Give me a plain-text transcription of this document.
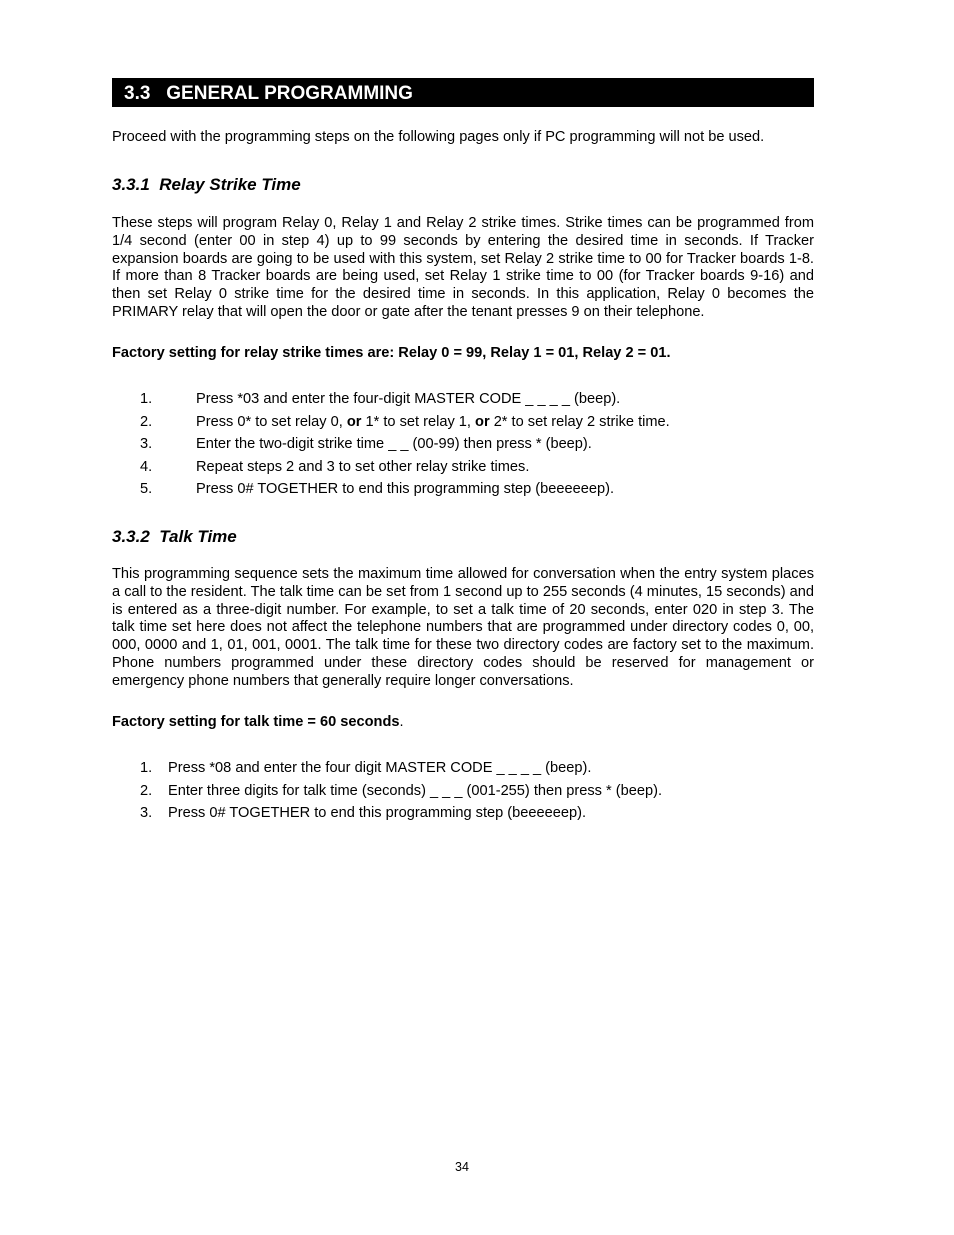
3.3 GENERAL PROGRAMMING

Proceed with the programming steps on the following pages only if PC programming will not be used.

3.3.1 Relay Strike Time

These steps will program Relay 0, Relay 1 and Relay 2 strike times. Strike times can be programmed from 1/4 second (enter 00 in step 4) up to 99 seconds by entering the desired time in seconds. If Tracker expansion boards are going to be used with this system, set Relay 2 strike time to 00 for Tracker boards 1-8. If more than 8 Tracker boards are being used, set Relay 1 strike time to 00 (for Tracker boards 9-16) and then set Relay 0 strike time for the desired time in seconds. In this application, Relay 0 becomes the PRIMARY relay that will open the door or gate after the tenant presses 9 on their telephone.

Factory setting for relay strike times are: Relay 0 = 99, Relay 1 = 01, Relay 2 = 01.

1.	Press *03 and enter the four-digit MASTER CODE _ _ _ _ (beep).
2.	Press 0* to set relay 0, or 1* to set relay 1, or 2* to set relay 2 strike time.
3.	Enter the two-digit strike time _ _ (00-99) then press * (beep).
4.	Repeat steps 2 and 3 to set other relay strike times.
5.	Press 0# TOGETHER to end this programming step (beeeeeep).
3.3.2 Talk Time

This programming sequence sets the maximum time allowed for conversation when the entry system places a call to the resident. The talk time can be set from 1 second up to 255 seconds (4 minutes, 15 seconds) and is entered as a three-digit number. For example, to set a talk time of 20 seconds, enter 020 in step 3. The talk time set here does not affect the telephone numbers that are programmed under directory codes 0, 00, 000, 0000 and 1, 01, 001, 0001. The talk time for these two directory codes are factory set to the maximum. Phone numbers programmed under these directory codes should be reserved for management or emergency phone numbers that generally require longer conversations.

Factory setting for talk time = 60 seconds.

1. Press *08 and enter the four digit MASTER CODE _ _ _ _ (beep).
2. Enter three digits for talk time (seconds) _ _ _ (001-255) then press * (beep).
3. Press 0# TOGETHER to end this programming step (beeeeeep).
34
